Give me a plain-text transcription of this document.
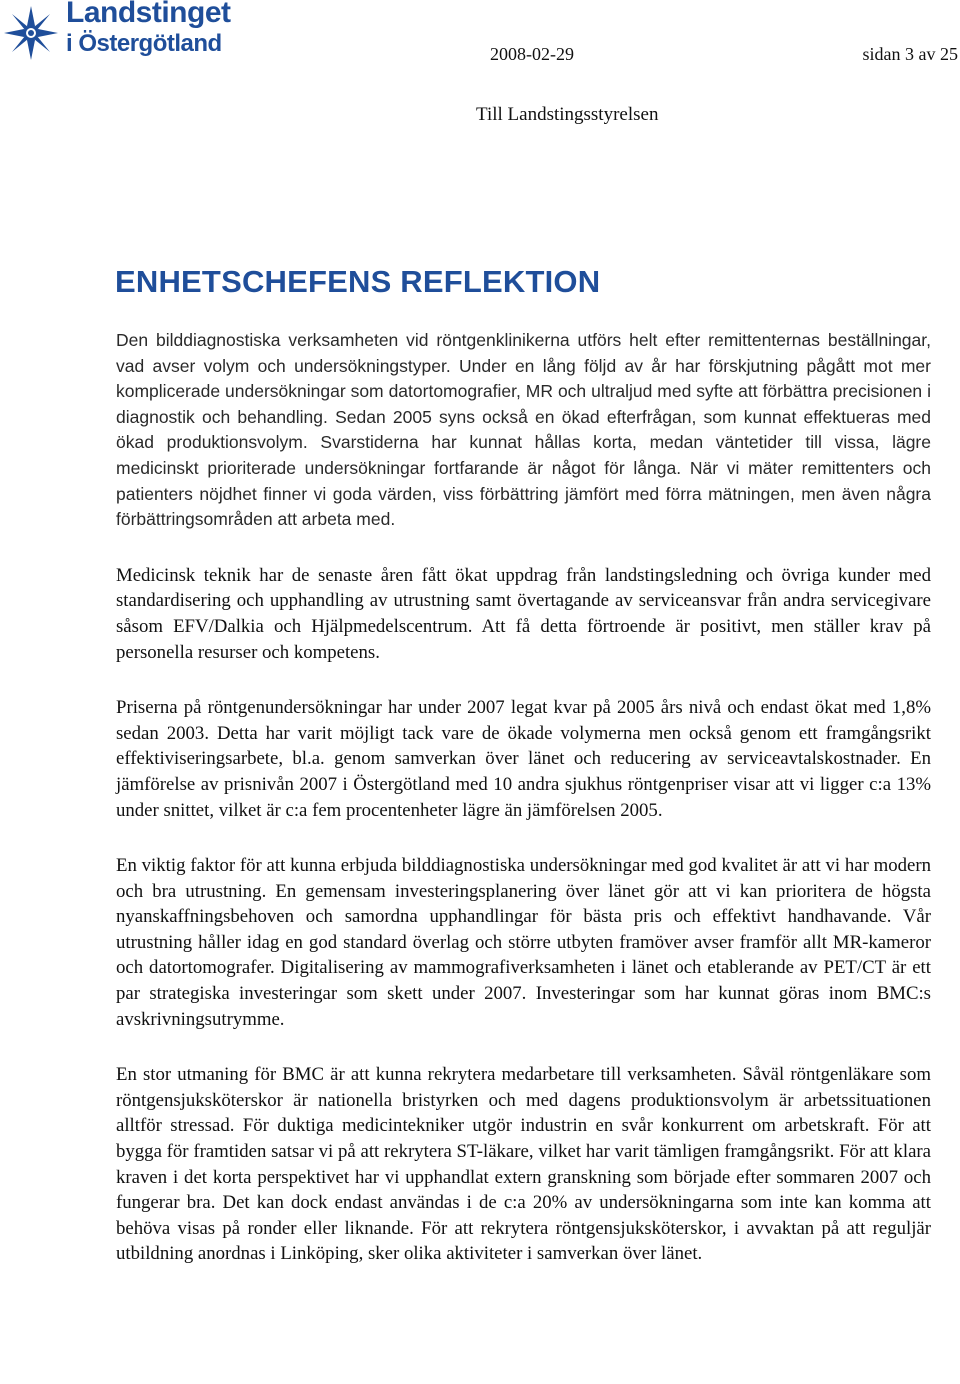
Landstinget
i Östergötland	2008-02-29	sidan 3 av 25
Till Landstingsstyrelsen
ENHETSCHEFENS REFLEKTION

Den bilddiagnostiska verksamheten vid röntgenklinikerna utförs helt efter remittenternas beställningar, vad avser volym och undersökningstyper. Under en lång följd av år har förskjutning pågått mot mer komplicerade undersökningar som datortomografier, MR och ultraljud med syfte att förbättra precisionen i diagnostik och behandling. Sedan 2005 syns också en ökad efterfrågan, som kunnat effektueras med ökad produktionsvolym. Svarstiderna har kunnat hållas korta, medan väntetider till vissa, lägre medicinskt prioriterade undersökningar fortfarande är något för långa. När vi mäter remittenters och patienters nöjdhet finner vi goda värden, viss förbättring jämfört med förra mätningen, men även några förbättringsområden att arbeta med.

Medicinsk teknik har de senaste åren fått ökat uppdrag från landstingsledning och övriga kunder med standardisering och upphandling av utrustning samt övertagande av serviceansvar från andra servicegivare såsom EFV/Dalkia och Hjälpmedelscentrum. Att få detta förtroende är positivt, men ställer krav på personella resurser och kompetens.

Priserna på röntgenundersökningar har under 2007 legat kvar på 2005 års nivå och endast ökat med 1,8% sedan 2003. Detta har varit möjligt tack vare de ökade volymerna men också genom ett framgångsrikt effektiviseringsarbete, bl.a. genom samverkan över länet och reducering av serviceavtalskostnader. En jämförelse av prisnivån 2007 i Östergötland med 10 andra sjukhus röntgenpriser visar att vi ligger c:a 13% under snittet, vilket är c:a fem procentenheter lägre än jämförelsen 2005.

En viktig faktor för att kunna erbjuda bilddiagnostiska undersökningar med god kvalitet är att vi har modern och bra utrustning. En gemensam investeringsplanering över länet gör att vi kan prioritera de högsta nyanskaffningsbehoven och samordna upphandlingar för bästa pris och effektivt handhavande. Vår utrustning håller idag en god standard överlag och större utbyten framöver avser framför allt MR-kameror och datortomografer. Digitalisering av mammografiverksamheten i länet och etablerande av PET/CT är ett par strategiska investeringar som skett under 2007. Investeringar som har kunnat göras inom BMC:s avskrivningsutrymme.

En stor utmaning för BMC är att kunna rekrytera medarbetare till verksamheten. Såväl röntgenläkare som röntgensjuksköterskor är nationella bristyrken och med dagens produktionsvolym är arbetssituationen alltför stressad. För duktiga medicintekniker utgör industrin en svår konkurrent om arbetskraft. För att bygga för framtiden satsar vi på att rekrytera ST-läkare, vilket har varit tämligen framgångsrikt. För att klara kraven i det korta perspektivet har vi upphandlat extern granskning som började efter sommaren 2007 och fungerar bra. Det kan dock endast användas i de c:a 20% av undersökningarna som inte kan komma att behöva visas på ronder eller liknande. För att rekrytera röntgensjuksköterskor, i avvaktan på att reguljär utbildning anordnas i Linköping, sker olika aktiviteter i samverkan över länet.
